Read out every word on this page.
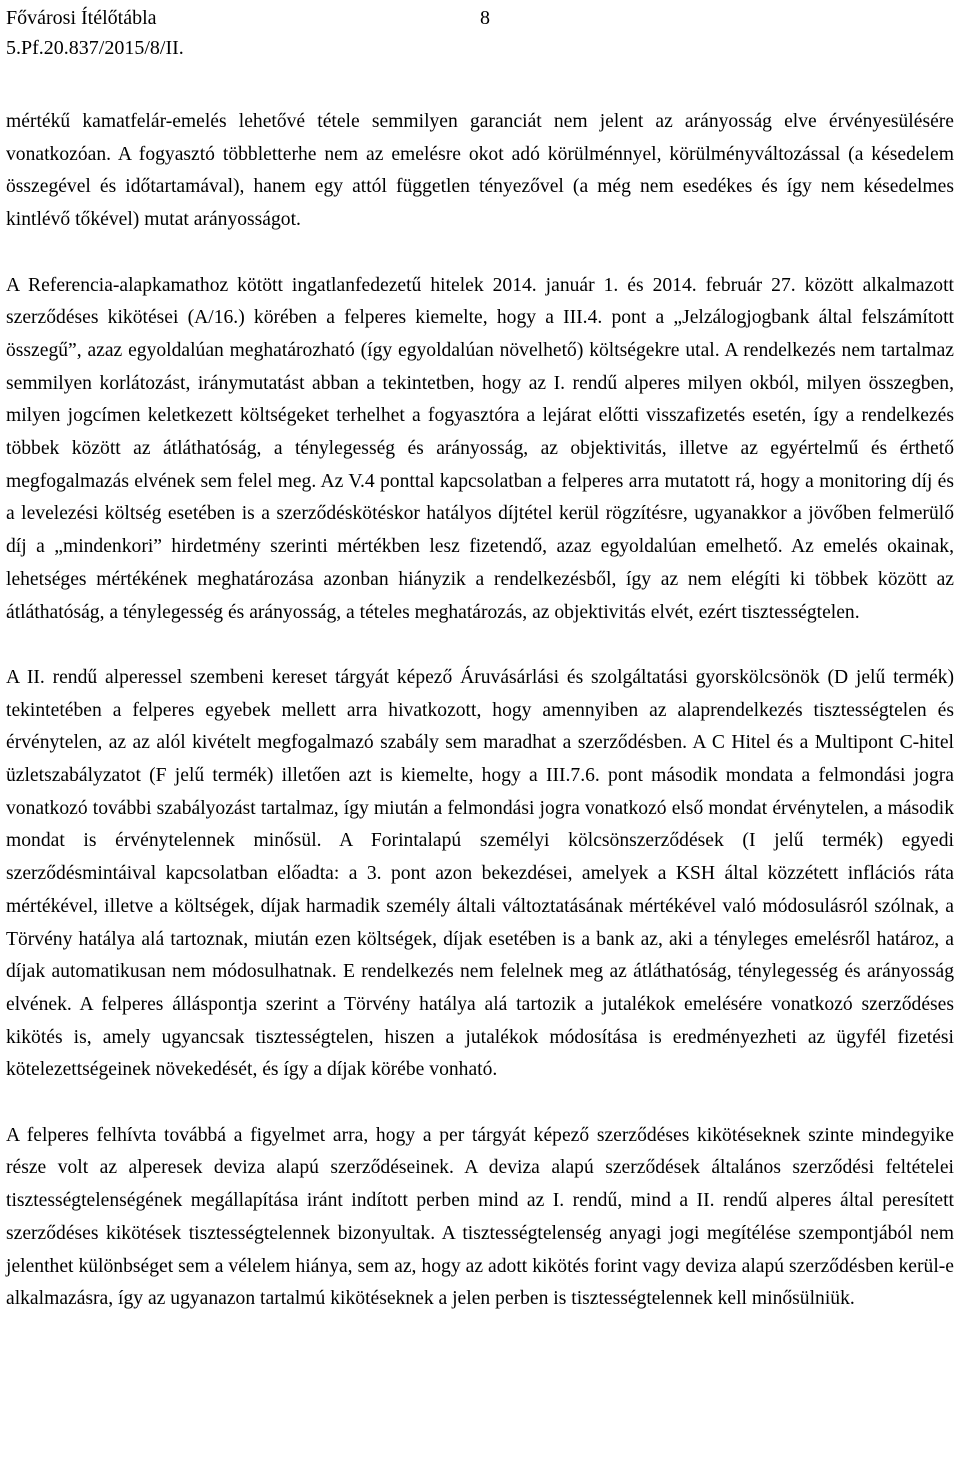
Fővárosi Ítélőtábla	8
5.Pf.20.837/2015/8/II.

mértékű kamatfelár-emelés lehetővé tétele semmilyen garanciát nem jelent az arányosság elve érvényesülésére vonatkozóan. A fogyasztó többletterhe nem az emelésre okot adó körülménnyel, körülményváltozással (a késedelem összegével és időtartamával), hanem egy attól független tényezővel (a még nem esedékes és így nem késedelmes kintlévő tőkével) mutat arányosságot.

A Referencia-alapkamathoz kötött ingatlanfedezetű hitelek 2014. január 1. és 2014. február 27. között alkalmazott szerződéses kikötései (A/16.) körében a felperes kiemelte, hogy a III.4. pont a „Jelzálogjogbank által felszámított összegű”, azaz egyoldalúan meghatározható (így egyoldalúan növelhető) költségekre utal. A rendelkezés nem tartalmaz semmilyen korlátozást, iránymutatást abban a tekintetben, hogy az I. rendű alperes milyen okból, milyen összegben, milyen jogcímen keletkezett költségeket terhelhet a fogyasztóra a lejárat előtti visszafizetés esetén, így a rendelkezés többek között az átláthatóság, a ténylegesség és arányosság, az objektivitás, illetve az egyértelmű és érthető megfogalmazás elvének sem felel meg. Az V.4 ponttal kapcsolatban a felperes arra mutatott rá, hogy a monitoring díj és a levelezési költség esetében is a szerződéskötéskor hatályos díjtétel kerül rögzítésre, ugyanakkor a jövőben felmerülő díj a „mindenkori” hirdetmény szerinti mértékben lesz fizetendő, azaz egyoldalúan emelhető. Az emelés okainak, lehetséges mértékének meghatározása azonban hiányzik a rendelkezésből, így az nem elégíti ki többek között az átláthatóság, a ténylegesség és arányosság, a tételes meghatározás, az objektivitás elvét, ezért tisztességtelen.

A II. rendű alperessel szembeni kereset tárgyát képező Áruvásárlási és szolgáltatási gyorskölcsönök (D jelű termék) tekintetében a felperes egyebek mellett arra hivatkozott, hogy amennyiben az alaprendelkezés tisztességtelen és érvénytelen, az az alól kivételt megfogalmazó szabály sem maradhat a szerződésben. A C Hitel és a Multipont C-hitel üzletszabályzatot (F jelű termék) illetően azt is kiemelte, hogy a III.7.6. pont második mondata a felmondási jogra vonatkozó további szabályozást tartalmaz, így miután a felmondási jogra vonatkozó első mondat érvénytelen, a második mondat is érvénytelennek minősül. A Forintalapú személyi kölcsönszerződések (I jelű termék) egyedi szerződésmintáival kapcsolatban előadta: a 3. pont azon bekezdései, amelyek a KSH által közzétett inflációs ráta mértékével, illetve a költségek, díjak harmadik személy általi változtatásának mértékével való módosulásról szólnak, a Törvény hatálya alá tartoznak, miután ezen költségek, díjak esetében is a bank az, aki a tényleges emelésről határoz, a díjak automatikusan nem módosulhatnak. E rendelkezés nem felelnek meg az átláthatóság, ténylegesség és arányosság elvének. A felperes álláspontja szerint a Törvény hatálya alá tartozik a jutalékok emelésére vonatkozó szerződéses kikötés is, amely ugyancsak tisztességtelen, hiszen a jutalékok módosítása is eredményezheti az ügyfél fizetési kötelezettségeinek növekedését, és így a díjak körébe vonható.

A felperes felhívta továbbá a figyelmet arra, hogy a per tárgyát képező szerződéses kikötéseknek szinte mindegyike része volt az alperesek deviza alapú szerződéseinek. A deviza alapú szerződések általános szerződési feltételei tisztességtelenségének megállapítása iránt indított perben mind az I. rendű, mind a II. rendű alperes által peresített szerződéses kikötések tisztességtelennek bizonyultak. A tisztességtelenség anyagi jogi megítélése szempontjából nem jelenthet különbséget sem a vélelem hiánya, sem az, hogy az adott kikötés forint vagy deviza alapú szerződésben kerül-e alkalmazásra, így az ugyanazon tartalmú kikötéseknek a jelen perben is tisztességtelennek kell minősülniük.
